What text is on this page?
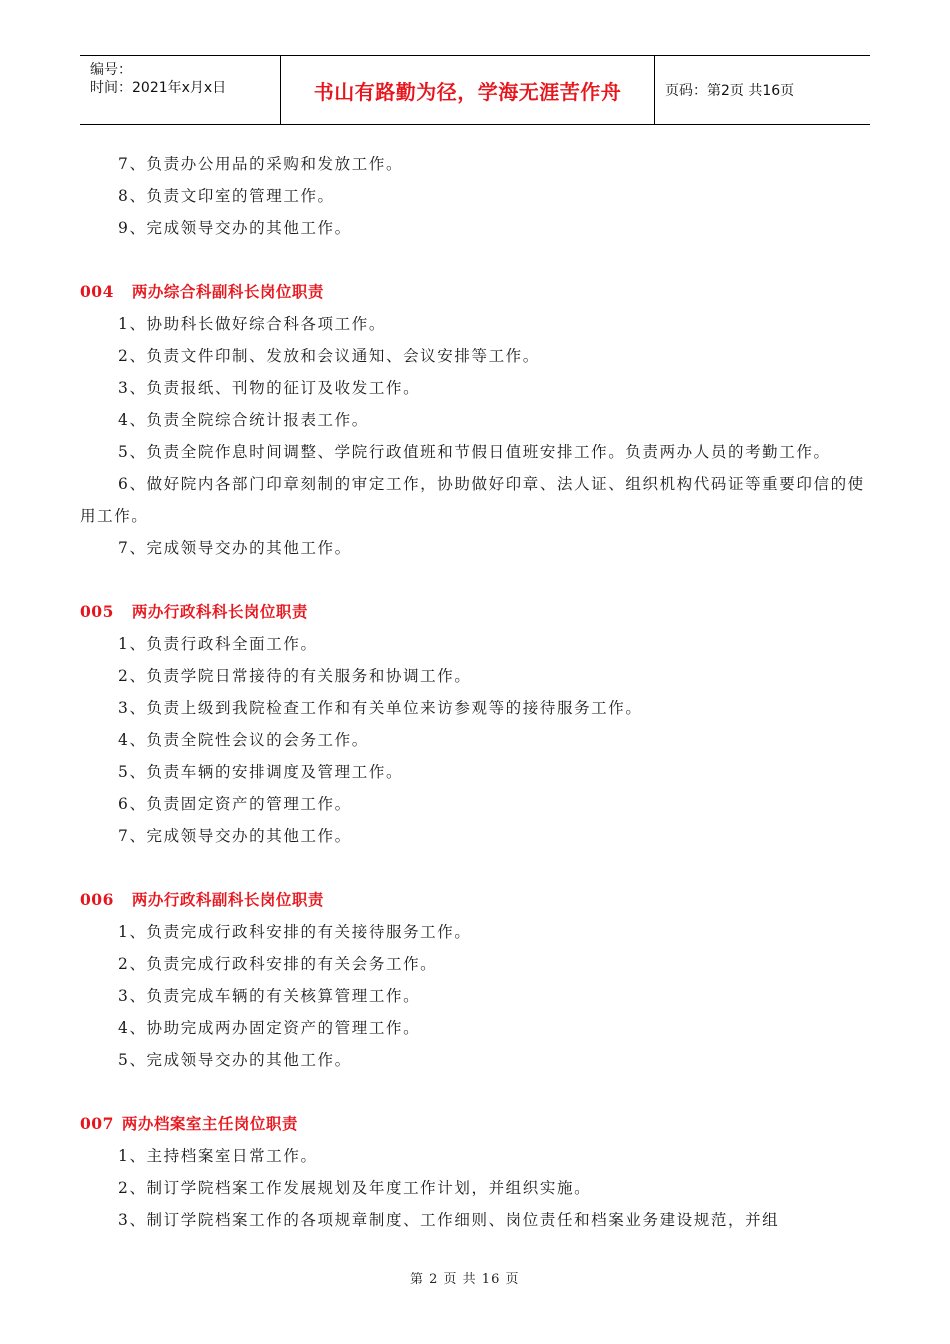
编号：
时间：2021年x月x日	书山有路勤为径，学海无涯苦作舟	页码：第2页 共16页

7、负责办公用品的采购和发放工作。

8、负责文印室的管理工作。

9、完成领导交办的其他工作。

004 两办综合科副科长岗位职责

1、协助科长做好综合科各项工作。

2、负责文件印制、发放和会议通知、会议安排等工作。

3、负责报纸、刊物的征订及收发工作。

4、负责全院综合统计报表工作。

5、负责全院作息时间调整、学院行政值班和节假日值班安排工作。负责两办人员的考勤工作。

6、做好院内各部门印章刻制的审定工作，协助做好印章、法人证、组织机构代码证等重要印信的使用工作。

7、完成领导交办的其他工作。

005 两办行政科科长岗位职责

1、负责行政科全面工作。

2、负责学院日常接待的有关服务和协调工作。

3、负责上级到我院检查工作和有关单位来访参观等的接待服务工作。

4、负责全院性会议的会务工作。

5、负责车辆的安排调度及管理工作。

6、负责固定资产的管理工作。

7、完成领导交办的其他工作。

006 两办行政科副科长岗位职责

1、负责完成行政科安排的有关接待服务工作。

2、负责完成行政科安排的有关会务工作。

3、负责完成车辆的有关核算管理工作。

4、协助完成两办固定资产的管理工作。

5、完成领导交办的其他工作。

007 两办档案室主任岗位职责

1、主持档案室日常工作。

2、制订学院档案工作发展规划及年度工作计划，并组织实施。

3、制订学院档案工作的各项规章制度、工作细则、岗位责任和档案业务建设规范，并组

第 2 页 共 16 页
